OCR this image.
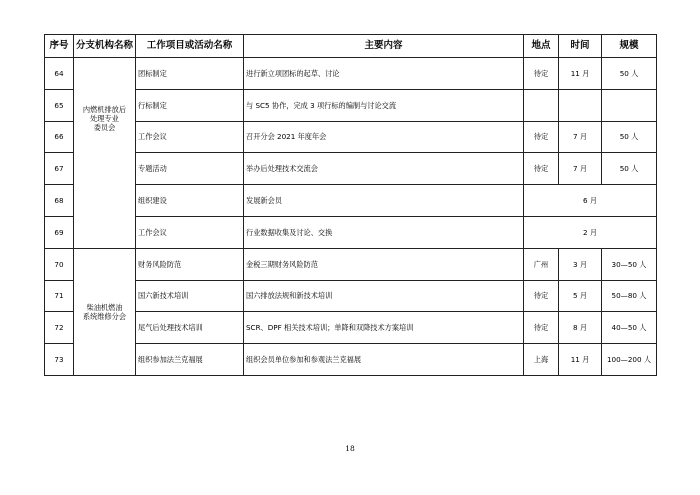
序号	分支机构名称	工作项目或活动名称	主要内容	地点	时间	规模
64	内燃机排放后
处理专业
委员会	团标制定	进行新立项团标的起草、讨论	待定	11 月	50 人
65		行标制定	与 SC5 协作，完成 3 项行标的编制与讨论交流			
66		工作会议	召开分会 2021 年度年会	待定	7 月	50 人
67		专题活动	举办后处理技术交流会	待定	7 月	50 人
68		组织建设	发展新会员	6 月		
69		工作会议	行业数据收集及讨论、交换	2 月		
70	柴油机燃油
系统维修分会	财务风险防范	金税三期财务风险防范	广州	3 月	30—50 人
71		国六新技术培训	国六排放法规和新技术培训	待定	5 月	50—80 人
72		尾气后处理技术培训	SCR、DPF 相关技术培训；单降和双降技术方案培训	待定	8 月	40—50 人
73		组织参加法兰克福展	组织会员单位参加和参观法兰克福展	上海	11 月	100—200 人
18
